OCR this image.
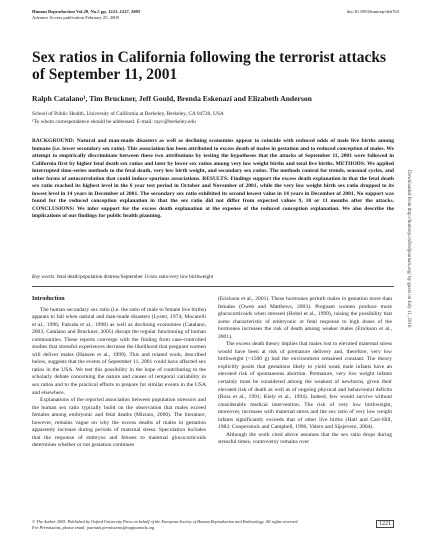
Human Reproduction Vol.20, No.5 pp. 1221–1227, 2005
Advance Access publication February 25, 2005
doi:10.1093/humrep/deh763
Sex ratios in California following the terrorist attacks of September 11, 2001
Ralph Catalano¹, Tim Bruckner, Jeff Gould, Brenda Eskenazi and Elizabeth Anderson
School of Public Health, University of California at Berkeley, Berkeley, CA 94720, USA
¹To whom correspondence should be addressed. E-mail: rayc@berkeley.edu
BACKGROUND: Natural and man-made disasters as well as declining economies appear to coincide with reduced odds of male live births among humans (i.e. lower secondary sex ratio). This association has been attributed to excess death of males in gestation and to reduced conception of males. We attempt to empirically discriminate between these two attributions by testing the hypotheses that the attacks of September 11, 2001 were followed in California first by higher fetal death sex ratios and later by lower sex ratios among very low weight births and total live births. METHODS: We applied interrupted time-series methods to the fetal death, very low birth weight, and secondary sex ratios. The methods control for trends, seasonal cycles, and other forms of autocorrelation that could induce spurious associations. RESULTS: Findings support the excess death explanation in that the fetal death sex ratio reached its highest level in the 6 year test period in October and November of 2001, while the very low weight birth sex ratio dropped to its lowest level in 14 years in December of 2001. The secondary sex ratio exhibited its second lowest value in 14 years in December of 2001. No support was found for the reduced conception explanation in that the sex ratio did not differ from expected values 9, 10 or 11 months after the attacks. CONCLUSIONS: We infer support for the excess death explanation at the expense of the reduced conception explanation. We also describe the implications of our findings for public health planning.
Key words: fetal death/population distress/September 11/sex ratio/very low birthweight
Introduction

The human secondary sex ratio (i.e. the ratio of male to female live births) appears to fall when natural and man-made disasters (Lyster, 1974; Mocarelli et al., 1996; Fukuda et al., 1998) as well as declining economies (Catalano, 2003; Catalano and Bruckner, 2005) disrupt the regular functioning of human communities. These reports converge with the finding from case-controlled studies that stressful experiences decrease the likelihood that pregnant women will deliver males (Hansen et al., 1999). This and related work, described below, suggests that the events of September 11, 2001 could have affected sex ratios in the USA. We test this possibility in the hope of contributing to the scholarly debate concerning the nature and causes of temporal variability in sex ratios and to the practical efforts to prepare for similar events in the USA and elsewhere.

Explanations of the reported association between population stressors and the human sex ratio typically build on the observation that males exceed females among embryonic and fetal deaths (Mizuno, 2000). The literature, however, remains vague on why the excess deaths of males in gestation apparently increase during periods of maternal stress. Speculation includes that the response of embryos and fetuses to maternal glucocorticoids determines whether or not gestation continues

(Erickson et al., 2001). These hormones perturb males in gestation more than females (Owen and Matthews, 2003). Pregnant women produce more glucocorticoids when stressed (Hobel et al., 1999), raising the possibility that some characteristic of embryonic or fetal response to high doses of the hormones increases the risk of death among weaker males (Erickson et al., 2001).

The excess death theory implies that males lost to elevated maternal stress would have been at risk of premature delivery and, therefore, very low birthweight (<1500 g) had the environment remained constant. The theory explicitly posits that gestations likely to yield weak male infants have an elevated risk of spontaneous abortion. Premature, very low weight infants certainly must be considered among the weakest of newborns, given their elevated risk of death as well as of ongoing physical and behavioural deficits (Ross et al., 1991; Kiely et al., 1994). Indeed, few would survive without considerable medical intervention. The risk of very low birthweight, moreover, increases with maternal stress and the sex ratio of very low weight infants significantly exceeds that of other live births (Hall and Carr-Hill, 1982; Cooperstock and Campbell, 1996; Valero and Sijsjevern, 2004).

Although the work cited above assumes that the sex ratio drops during stressful times, controversy remains over

© The Author 2005. Published by Oxford University Press on behalf of the European Society of Human Reproduction and Embryology. All rights reserved.
For Permissions, please email: journals.permissions@oupjournals.org
1221
Downloaded from http://humrep.oxfordjournals.org/ by guest on July 11, 2016
